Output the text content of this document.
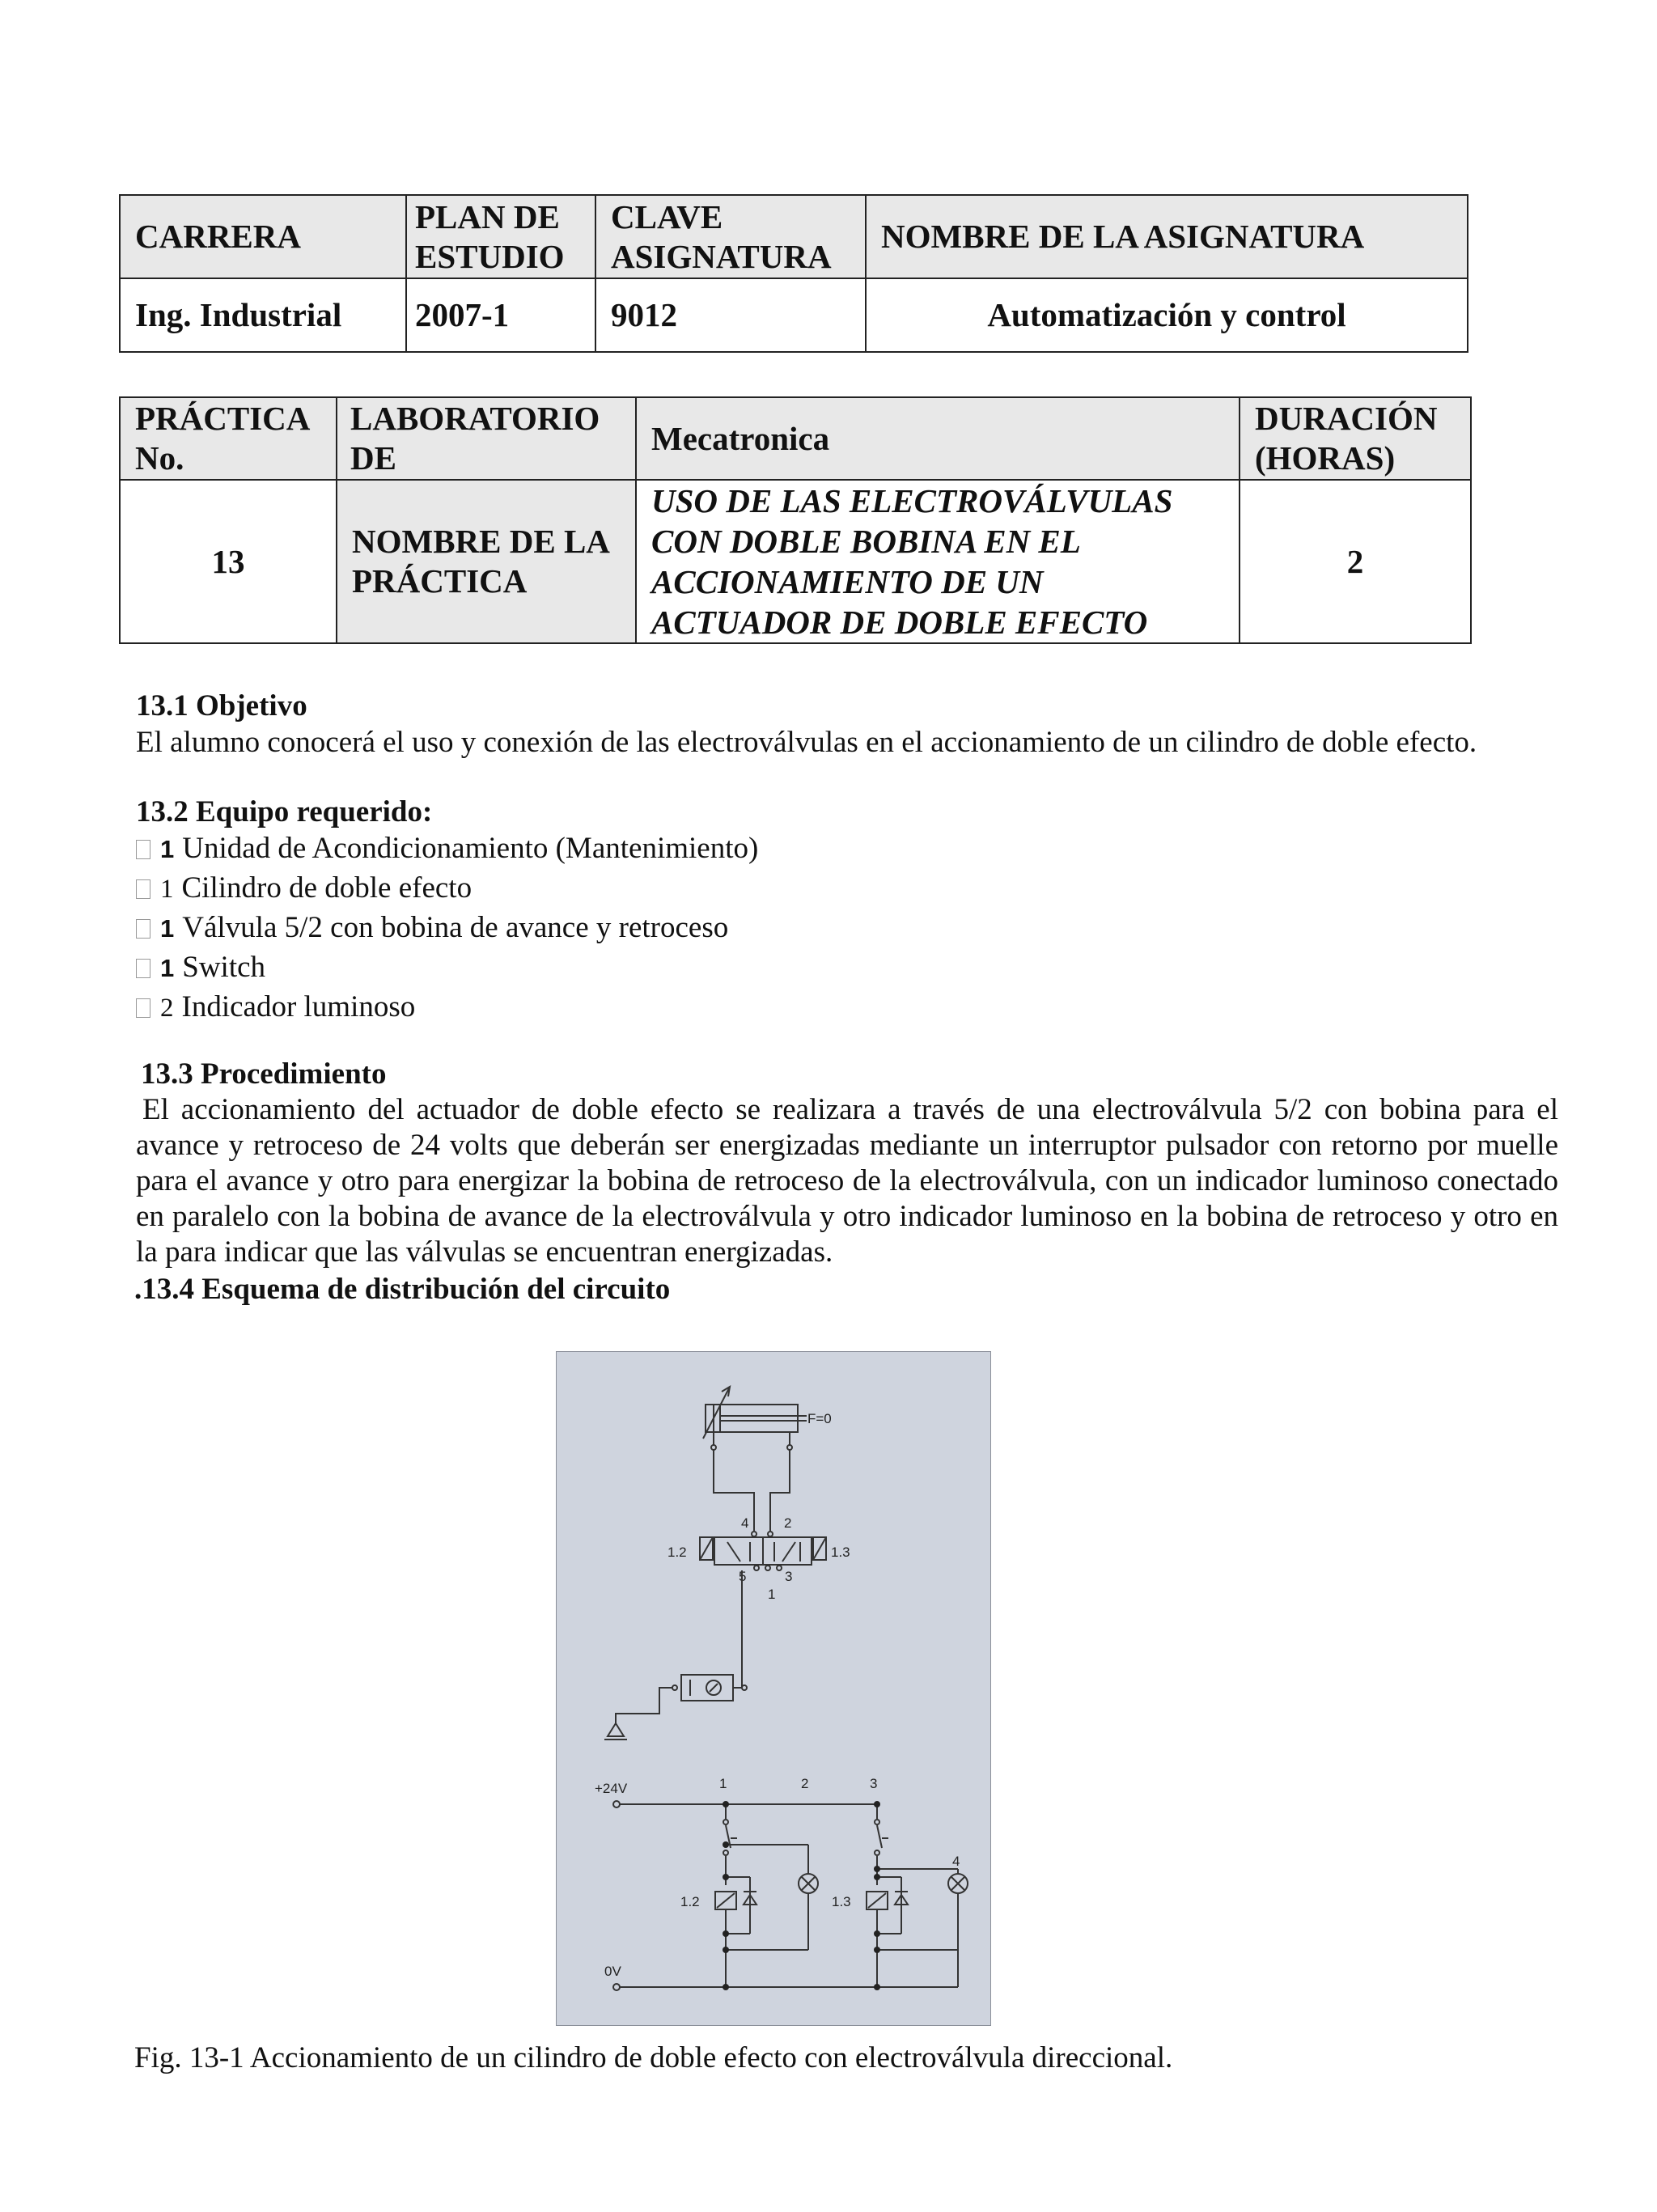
CARRERA	PLAN DE ESTUDIO	CLAVE ASIGNATURA	NOMBRE DE LA ASIGNATURA
Ing. Industrial	2007-1	9012	Automatización y control
PRÁCTICA No.	LABORATORIO DE	Mecatronica	DURACIÓN (HORAS)
13	NOMBRE DE LA PRÁCTICA	USO DE LAS ELECTROVÁLVULAS CON DOBLE BOBINA EN EL ACCIONAMIENTO DE UN ACTUADOR DE DOBLE EFECTO	2
13.1 Objetivo
El alumno conocerá el uso y conexión de las electroválvulas en el accionamiento de un cilindro de doble efecto.
13.2 Equipo requerido:
1 Unidad de Acondicionamiento (Mantenimiento)
1 Cilindro de doble efecto
1 Válvula 5/2 con bobina de avance y retroceso
1 Switch
2 Indicador luminoso
13.3 Procedimiento
El accionamiento del actuador de doble efecto se realizara a través de una electroválvula 5/2 con bobina para el avance y retroceso de 24 volts que deberán ser energizadas mediante un interruptor pulsador con retorno por muelle para el avance y otro para energizar la bobina de retroceso de la electroválvula, con un indicador luminoso conectado en paralelo con la bobina de avance de la electroválvula y otro indicador luminoso en la bobina de retroceso y otro en la para indicar que las válvulas se encuentran energizadas.
.13.4 Esquema de distribución del circuito
F=0
4	2
1.2	1.3
5	3
1
+24V	1	2	3
4
0V
1.2	1.3
Fig. 13-1 Accionamiento de un cilindro de doble efecto con electroválvula direccional.
